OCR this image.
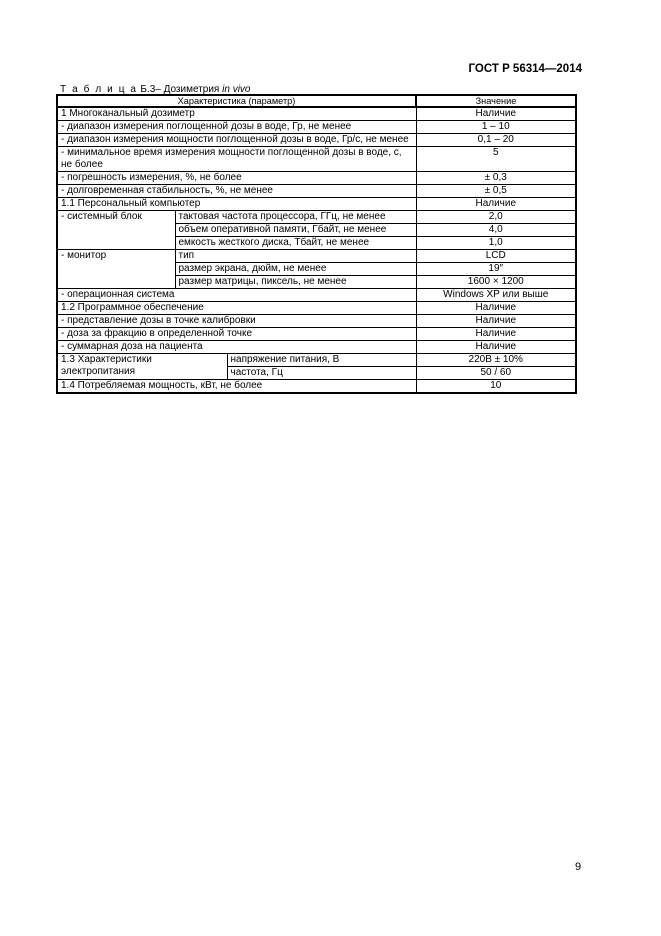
ГОСТ Р 56314—2014
Т а б л и ц а Б.3– Дозиметрия in vivo
Характеристика (параметр)			Значение
1 Многоканальный дозиметр			Наличие
- диапазон измерения поглощенной дозы в воде, Гр, не менее			1 – 10
- диапазон измерения мощности поглощенной дозы в воде, Гр/с, не менее			0,1 – 20
- минимальное время измерения мощности поглощенной дозы в воде, с, не более			5
- погрешность измерения, %, не более			± 0,3
- долговременная стабильность, %, не менее			± 0,5
1.1 Персональный компьютер			Наличие
- системный блок	тактовая частота процессора, ГГц, не менее		2,0
	объем оперативной памяти, Гбайт, не менее		4,0
	емкость жесткого диска, Тбайт, не менее		1,0
- монитор	тип		LCD
	размер экрана, дюйм, не менее		19″
	размер матрицы, пиксель, не менее		1600 × 1200
- операционная система			Windows XP или выше
1.2 Программное обеспечение			Наличие
- представление дозы в точке калибровки			Наличие
- доза за фракцию в определенной точке			Наличие
- суммарная доза на пациента			Наличие
1.3 Характеристики электропитания		напряжение питания, В	220В ± 10%
		частота, Гц	50 / 60
1.4 Потребляемая мощность, кВт, не более			10
9
